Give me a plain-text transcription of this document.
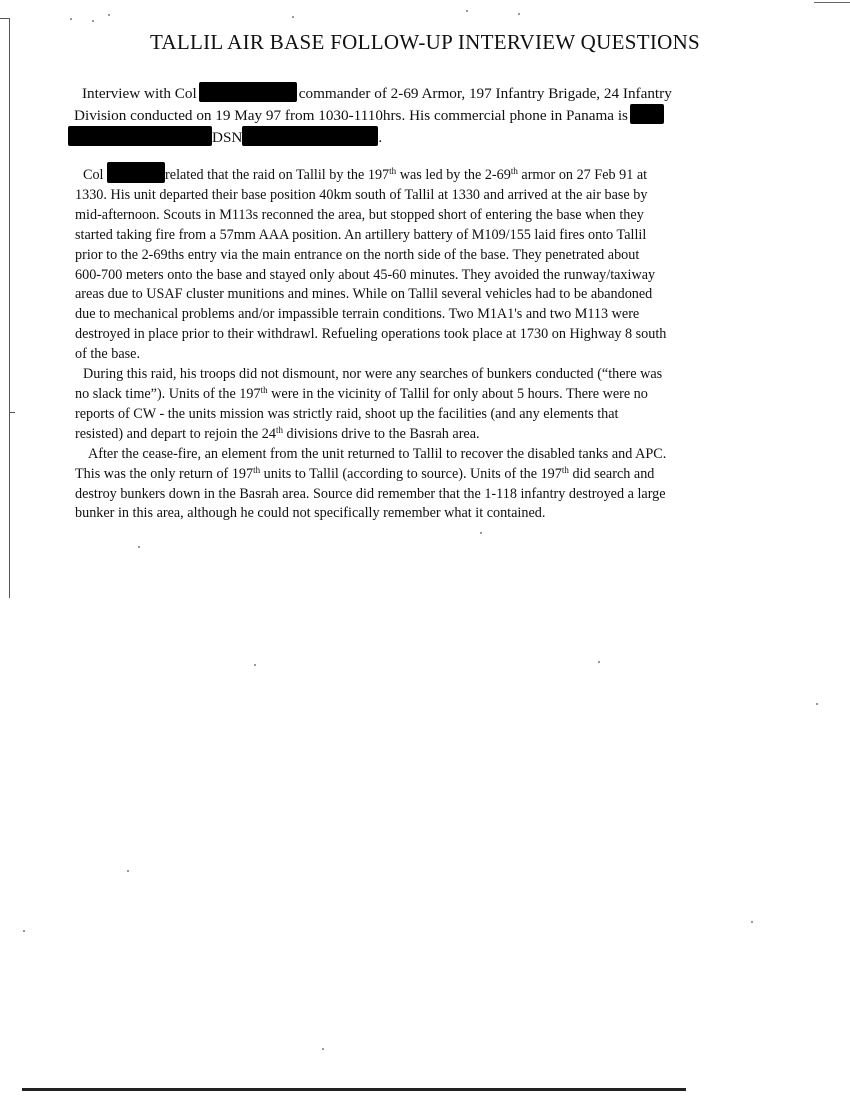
TALLIL AIR BASE FOLLOW-UP INTERVIEW QUESTIONS
Interview with Col	commander of 2-69 Armor, 197 Infantry Brigade, 24 Infantry
Division conducted on 19 May 97 from 1030-1110hrs. His commercial phone in Panama is
DSN	.
Col	related that the raid on Tallil by the 197th was led by the 2-69th armor on 27 Feb 91 at
1330. His unit departed their base position 40km south of Tallil at 1330 and arrived at the air base by
mid-afternoon. Scouts in M113s reconned the area, but stopped short of entering the base when they
started taking fire from a 57mm AAA position. An artillery battery of M109/155 laid fires onto Tallil
prior to the 2-69ths entry via the main entrance on the north side of the base. They penetrated about
600-700 meters onto the base and stayed only about 45-60 minutes. They avoided the runway/taxiway
areas due to USAF cluster munitions and mines. While on Tallil several vehicles had to be abandoned
due to mechanical problems and/or impassible terrain conditions. Two M1A1's and two M113 were
destroyed in place prior to their withdrawl. Refueling operations took place at 1730 on Highway 8 south
of the base.
During this raid, his troops did not dismount, nor were any searches of bunkers conducted (“there was
no slack time”). Units of the 197th were in the vicinity of Tallil for only about 5 hours. There were no
reports of CW - the units mission was strictly raid, shoot up the facilities (and any elements that
resisted) and depart to rejoin the 24th divisions drive to the Basrah area.
After the cease-fire, an element from the unit returned to Tallil to recover the disabled tanks and APC.
This was the only return of 197th units to Tallil (according to source). Units of the 197th did search and
destroy bunkers down in the Basrah area. Source did remember that the 1-118 infantry destroyed a large
bunker in this area, although he could not specifically remember what it contained.
